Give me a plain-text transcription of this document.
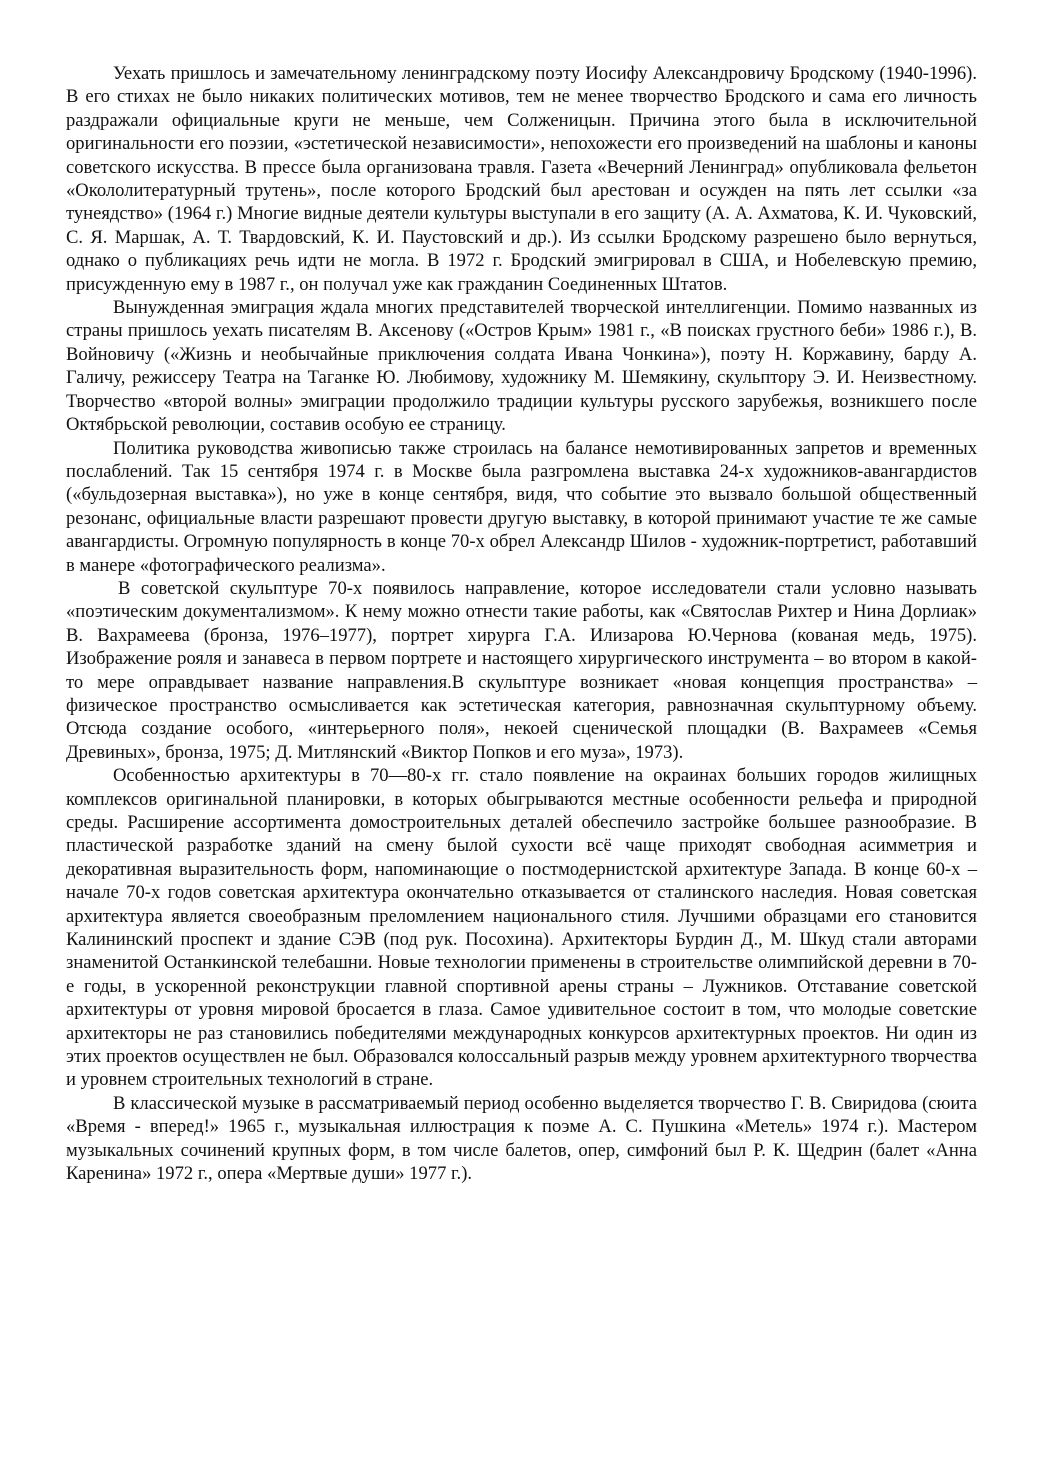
Уехать пришлось и замечательному ленинградскому поэту Иосифу Александровичу Бродскому (1940-1996). В его стихах не было никаких политических мотивов, тем не менее творчество Бродского и сама его личность раздражали официальные круги не меньше, чем Солженицын. Причина этого была в исключительной оригинальности его поэзии, «эстетической независимости», непохожести его произведений на шаблоны и каноны советского искусства. В прессе была организована травля. Газета «Вечерний Ленинград» опубликовала фельетон «Окололитературный трутень», после которого Бродский был арестован и осужден на пять лет ссылки «за тунеядство» (1964 г.) Многие видные деятели культуры выступали в его защиту (А. А. Ахматова, К. И. Чуковский, С. Я. Маршак, А. Т. Твардовский, К. И. Паустовский и др.). Из ссылки Бродскому разрешено было вернуться, однако о публикациях речь идти не могла. В 1972 г. Бродский эмигрировал в США, и Нобелевскую премию, присужденную ему в 1987 г., он получал уже как гражданин Соединенных Штатов.

Вынужденная эмиграция ждала многих представителей творческой интеллигенции. Помимо названных из страны пришлось уехать писателям В. Аксенову («Остров Крым» 1981 г., «В поисках грустного беби» 1986 г.), В. Войновичу («Жизнь и необычайные приключения солдата Ивана Чонкина»), поэту Н. Коржавину, барду А. Галичу, режиссеру Театра на Таганке Ю. Любимову, художнику М. Шемякину, скульптору Э. И. Неизвестному. Творчество «второй волны» эмиграции продолжило традиции культуры русского зарубежья, возникшего после Октябрьской революции, составив особую ее страницу.

Политика руководства живописью также строилась на балансе немотивированных запретов и временных послаблений. Так 15 сентября 1974 г. в Москве была разгромлена выставка 24-х художников-авангардистов («бульдозерная выставка»), но уже в конце сентября, видя, что событие это вызвало большой общественный резонанс, официальные власти разрешают провести другую выставку, в которой принимают участие те же самые авангардисты. Огромную популярность в конце 70-х обрел Александр Шилов - художник-портретист, работавший в манере «фотографического реализма».

В советской скульптуре 70-х появилось направление, которое исследователи стали условно называть «поэтическим документализмом». К нему можно отнести такие работы, как «Святослав Рихтер и Нина Дорлиак» В. Вахрамеева (бронза, 1976–1977), портрет хирурга Г.А. Илизарова Ю.Чернова (кованая медь, 1975). Изображение рояля и занавеса в первом портрете и настоящего хирургического инструмента – во втором в какой-то мере оправдывает название направления.В скульптуре возникает «новая концепция пространства» – физическое пространство осмысливается как эстетическая категория, равнозначная скульптурному объему. Отсюда создание особого, «интерьерного поля», некоей сценической площадки (В. Вахрамеев «Семья Древиных», бронза, 1975; Д. Митлянский «Виктор Попков и его муза», 1973).

Особенностью архитектуры в 70—80-х гг. стало появление на окраинах больших городов жилищных комплексов оригинальной планировки, в которых обыгрываются местные особенности рельефа и природной среды. Расширение ассортимента домостроительных деталей обеспечило застройке большее разнообразие. В пластической разработке зданий на смену былой сухости всё чаще приходят свободная асимметрия и декоративная выразительность форм, напоминающие о постмодернистской архитектуре Запада. В конце 60-х – начале 70-х годов советская архитектура окончательно отказывается от сталинского наследия. Новая советская архитектура является своеобразным преломлением национального стиля. Лучшими образцами его становится Калининский проспект и здание СЭВ (под рук. Посохина). Архитекторы Бурдин Д., М. Шкуд стали авторами знаменитой Останкинской телебашни. Новые технологии применены в строительстве олимпийской деревни в 70-е годы, в ускоренной реконструкции главной спортивной арены страны – Лужников. Отставание советской архитектуры от уровня мировой бросается в глаза. Самое удивительное состоит в том, что молодые советские архитекторы не раз становились победителями международных конкурсов архитектурных проектов. Ни один из этих проектов осуществлен не был. Образовался колоссальный разрыв между уровнем архитектурного творчества и уровнем строительных технологий в стране.

В классической музыке в рассматриваемый период особенно выделяется творчество Г. В. Свиридова (сюита «Время - вперед!» 1965 г., музыкальная иллюстрация к поэме А. С. Пушкина «Метель» 1974 г.). Мастером музыкальных сочинений крупных форм, в том числе балетов, опер, симфоний был Р. К. Щедрин (балет «Анна Каренина» 1972 г., опера «Мертвые души» 1977 г.).
